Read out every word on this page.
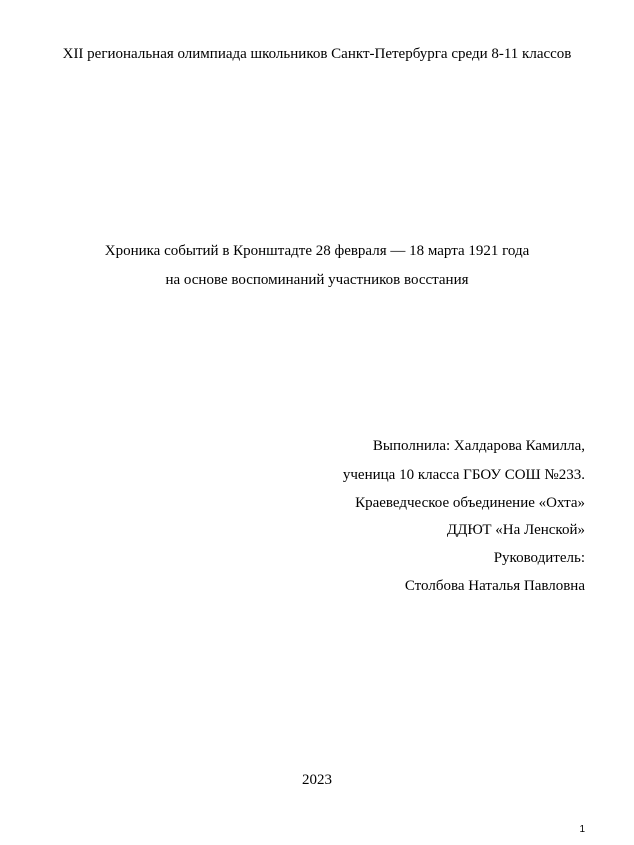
XII региональная олимпиада школьников Санкт-Петербурга среди 8-11 классов
Хроника событий в Кронштадте 28 февраля — 18 марта 1921 года
на основе воспоминаний участников восстания
Выполнила: Халдарова Камилла,
ученица 10 класса ГБОУ СОШ №233.
Краеведческое объединение «Охта»
ДДЮТ «На Ленской»
Руководитель:
Столбова Наталья Павловна
2023
1
